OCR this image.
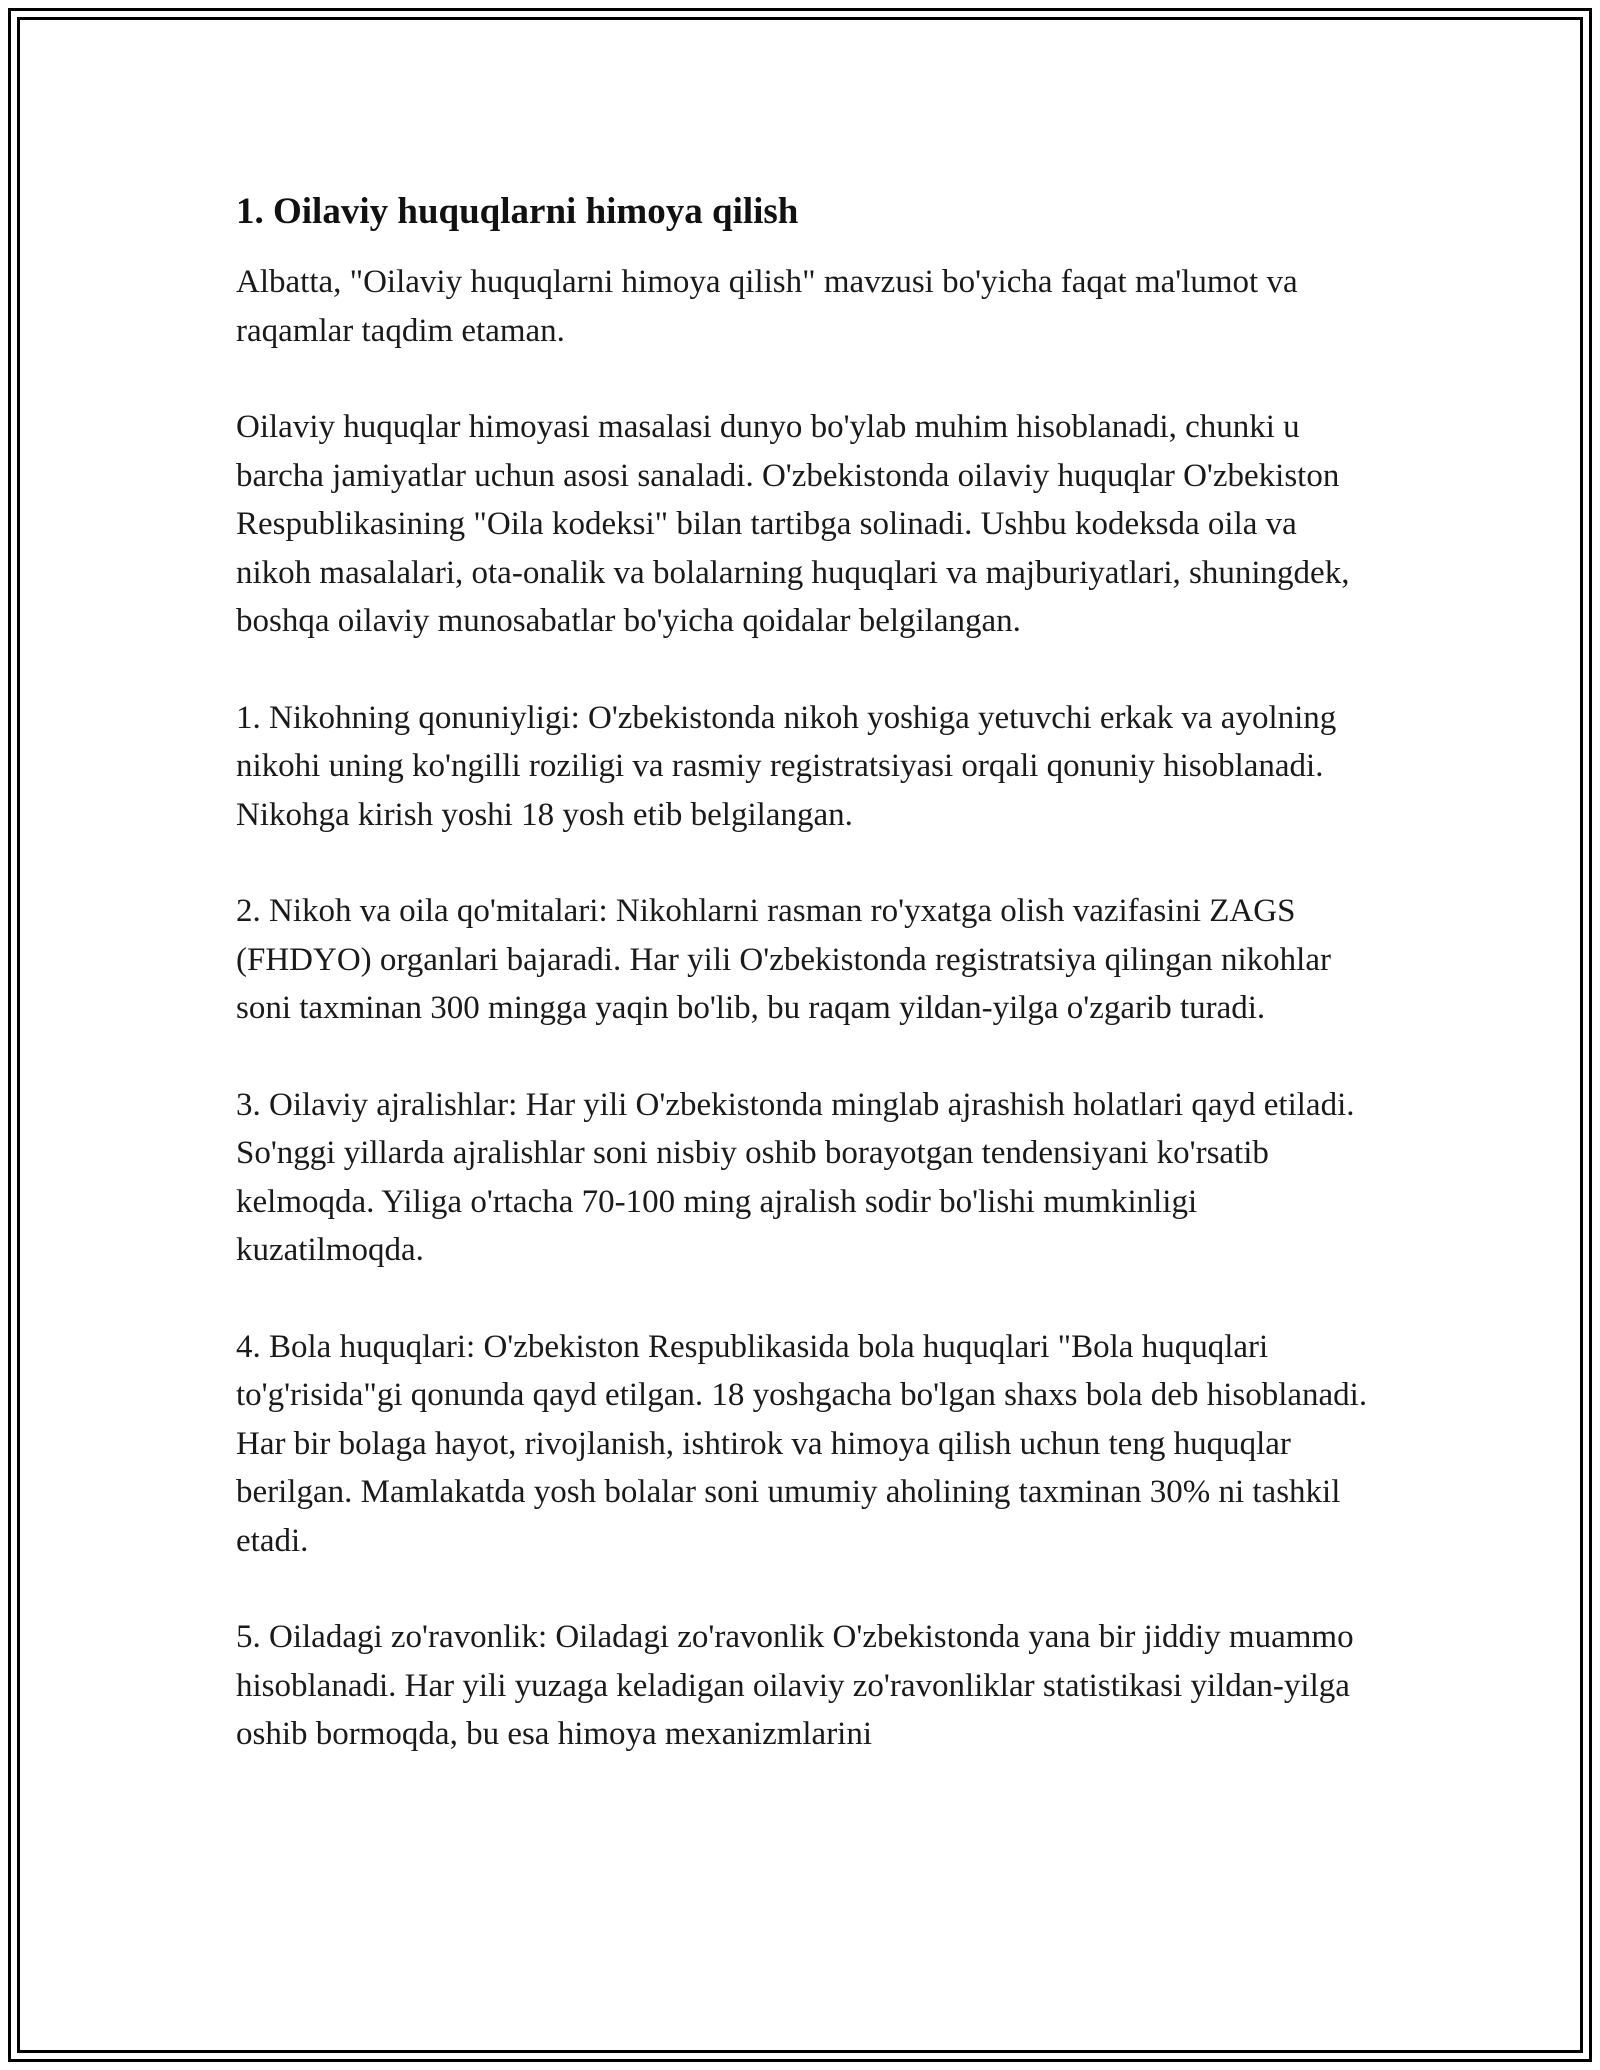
1. Oilaviy huquqlarni himoya qilish

Albatta, "Oilaviy huquqlarni himoya qilish" mavzusi bo'yicha faqat ma'lumot va raqamlar taqdim etaman.

Oilaviy huquqlar himoyasi masalasi dunyo bo'ylab muhim hisoblanadi, chunki u barcha jamiyatlar uchun asosi sanaladi. O'zbekistonda oilaviy huquqlar O'zbekiston Respublikasining "Oila kodeksi" bilan tartibga solinadi. Ushbu kodeksda oila va nikoh masalalari, ota-onalik va bolalarning huquqlari va majburiyatlari, shuningdek, boshqa oilaviy munosabatlar bo'yicha qoidalar belgilangan.

1. Nikohning qonuniyligi: O'zbekistonda nikoh yoshiga yetuvchi erkak va ayolning nikohi uning ko'ngilli roziligi va rasmiy registratsiyasi orqali qonuniy hisoblanadi. Nikohga kirish yoshi 18 yosh etib belgilangan.

2. Nikoh va oila qo'mitalari: Nikohlarni rasman ro'yxatga olish vazifasini ZAGS (FHDYO) organlari bajaradi. Har yili O'zbekistonda registratsiya qilingan nikohlar soni taxminan 300 mingga yaqin bo'lib, bu raqam yildan-yilga o'zgarib turadi.

3. Oilaviy ajralishlar: Har yili O'zbekistonda minglab ajrashish holatlari qayd etiladi. So'nggi yillarda ajralishlar soni nisbiy oshib borayotgan tendensiyani ko'rsatib kelmoqda. Yiliga o'rtacha 70-100 ming ajralish sodir bo'lishi mumkinligi kuzatilmoqda.

4. Bola huquqlari: O'zbekiston Respublikasida bola huquqlari "Bola huquqlari to'g'risida"gi qonunda qayd etilgan. 18 yoshgacha bo'lgan shaxs bola deb hisoblanadi. Har bir bolaga hayot, rivojlanish, ishtirok va himoya qilish uchun teng huquqlar berilgan. Mamlakatda yosh bolalar soni umumiy aholining taxminan 30% ni tashkil etadi.

5. Oiladagi zo'ravonlik: Oiladagi zo'ravonlik O'zbekistonda yana bir jiddiy muammo hisoblanadi. Har yili yuzaga keladigan oilaviy zo'ravonliklar statistikasi yildan-yilga oshib bormoqda, bu esa himoya mexanizmlarini
